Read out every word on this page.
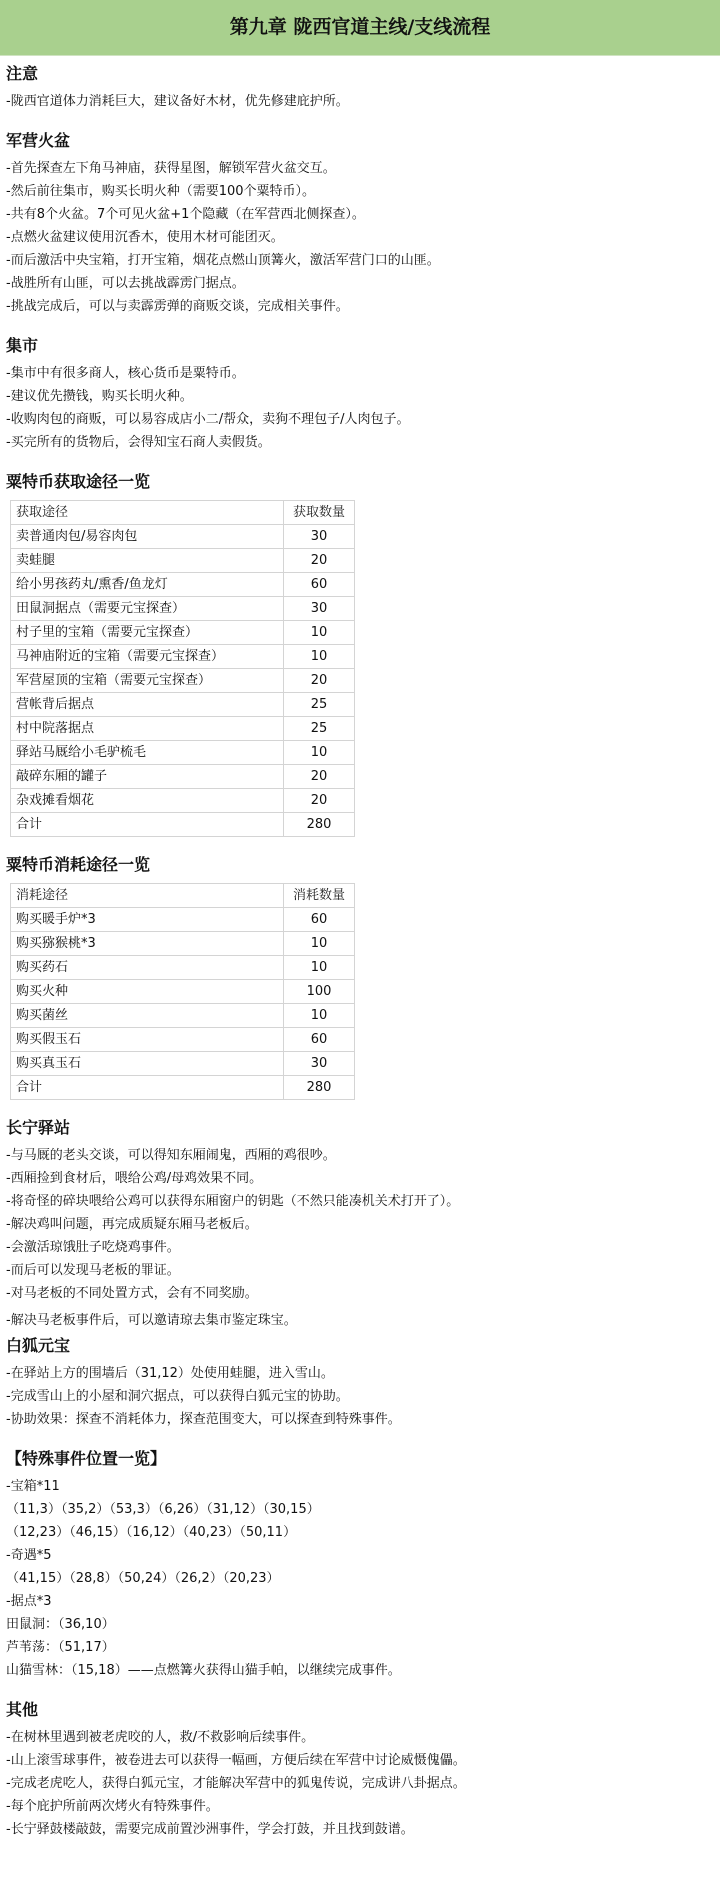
第九章 陇西官道主线/支线流程
注意
-陇西官道体力消耗巨大，建议备好木材，优先修建庇护所。
军营火盆
-首先探查左下角马神庙，获得星图，解锁军营火盆交互。
-然后前往集市，购买长明火种（需要100个粟特币）。
-共有8个火盆。7个可见火盆+1个隐藏（在军营西北侧探查）。
-点燃火盆建议使用沉香木，使用木材可能团灭。
-而后激活中央宝箱，打开宝箱，烟花点燃山顶篝火，激活军营门口的山匪。
-战胜所有山匪，可以去挑战霹雳门据点。
-挑战完成后，可以与卖霹雳弹的商贩交谈，完成相关事件。
集市
-集市中有很多商人，核心货币是粟特币。
-建议优先攒钱，购买长明火种。
-收购肉包的商贩，可以易容成店小二/帮众，卖狗不理包子/人肉包子。
-买完所有的货物后，会得知宝石商人卖假货。
粟特币获取途径一览
获取途径	获取数量
卖普通肉包/易容肉包	30
卖蛙腿	20
给小男孩药丸/熏香/鱼龙灯	60
田鼠洞据点（需要元宝探查）	30
村子里的宝箱（需要元宝探查）	10
马神庙附近的宝箱（需要元宝探查）	10
军营屋顶的宝箱（需要元宝探查）	20
营帐背后据点	25
村中院落据点	25
驿站马厩给小毛驴梳毛	10
敲碎东厢的罐子	20
杂戏摊看烟花	20
合计	280
粟特币消耗途径一览
消耗途径	消耗数量
购买暖手炉*3	60
购买猕猴桃*3	10
购买药石	10
购买火种	100
购买菌丝	10
购买假玉石	60
购买真玉石	30
合计	280
长宁驿站
-与马厩的老头交谈，可以得知东厢闹鬼，西厢的鸡很吵。
-西厢捡到食材后，喂给公鸡/母鸡效果不同。
-将奇怪的碎块喂给公鸡可以获得东厢窗户的钥匙（不然只能凑机关术打开了）。
-解决鸡叫问题，再完成质疑东厢马老板后。
-会激活琼饿肚子吃烧鸡事件。
-而后可以发现马老板的罪证。
-对马老板的不同处置方式，会有不同奖励。
-解决马老板事件后，可以邀请琼去集市鉴定珠宝。
白狐元宝
-在驿站上方的围墙后（31,12）处使用蛙腿，进入雪山。
-完成雪山上的小屋和洞穴据点，可以获得白狐元宝的协助。
-协助效果：探查不消耗体力，探查范围变大，可以探查到特殊事件。
【特殊事件位置一览】
-宝箱*11
（11,3）（35,2）（53,3）（6,26）（31,12）（30,15）
（12,23）（46,15）（16,12）（40,23）（50,11）
-奇遇*5
（41,15）（28,8）（50,24）（26,2）（20,23）
-据点*3
田鼠洞：（36,10）
芦苇荡：（51,17）
山猫雪林：（15,18）——点燃篝火获得山猫手帕，以继续完成事件。
其他
-在树林里遇到被老虎咬的人，救/不救影响后续事件。
-山上滚雪球事件，被卷进去可以获得一幅画，方便后续在军营中讨论威慑傀儡。
-完成老虎吃人，获得白狐元宝，才能解决军营中的狐鬼传说，完成讲八卦据点。
-每个庇护所前两次烤火有特殊事件。
-长宁驿鼓楼敲鼓，需要完成前置沙洲事件，学会打鼓，并且找到鼓谱。
